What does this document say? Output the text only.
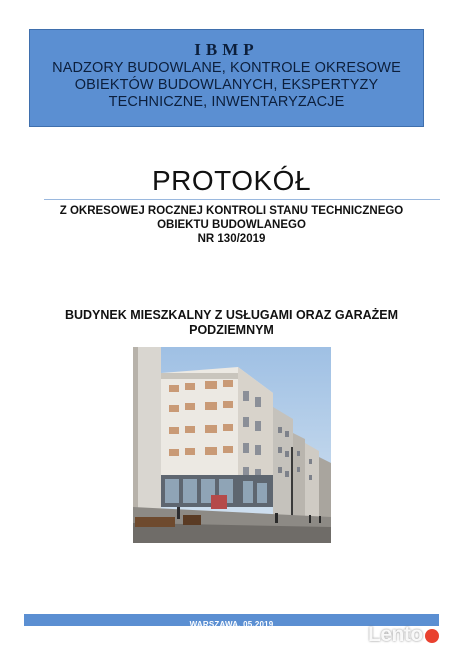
IBMP
NADZORY BUDOWLANE, KONTROLE OKRESOWE
OBIEKTÓW BUDOWLANYCH, EKSPERTYZY
TECHNICZNE, INWENTARYZACJE
PROTOKÓŁ
Z OKRESOWEJ ROCZNEJ KONTROLI STANU TECHNICZNEGO
OBIEKTU BUDOWLANEGO
NR 130/2019
BUDYNEK MIESZKALNY Z USŁUGAMI ORAZ GARAŻEM
PODZIEMNYM
WARSZAWA, 05.2019	Lento
